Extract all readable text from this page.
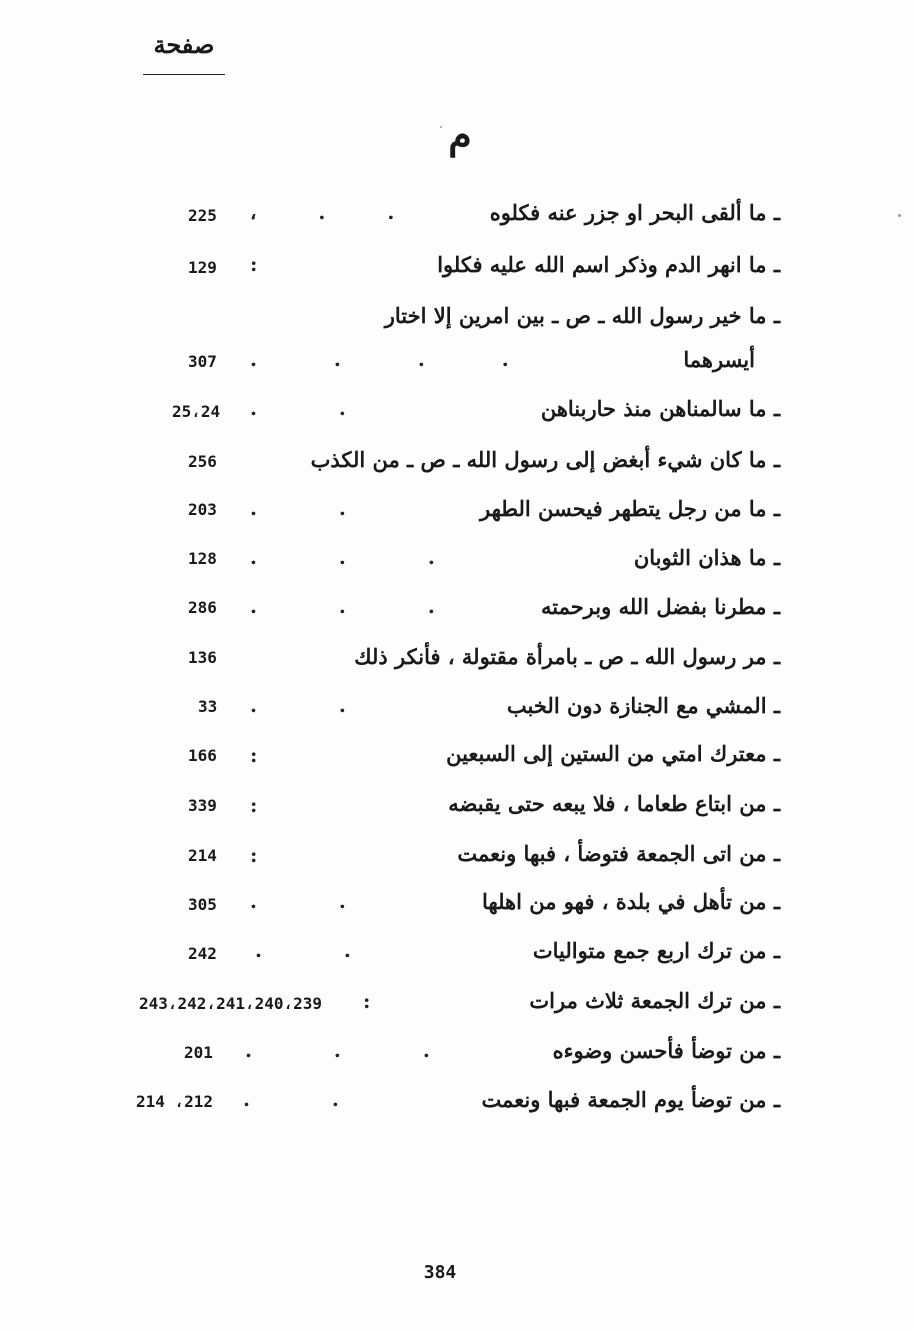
صفحة
م
ـ ما ألقى البحر او جزر عنه فكلوه
، . .
225
ـ ما انهر الدم وذكر اسم الله عليه فكلوا
:
129
ـ ما خير رسول الله ـ ص ـ بين امرين إلا اختار
أيسرهما
. . . .
307
ـ ما سالمناهن منذ حاربناهن
. .
25،24
ـ ما كان شيء أبغض إلى رسول الله ـ ص ـ من الكذب
256
ـ ما من رجل يتطهر فيحسن الطهر
. .
203
ـ ما هذان الثوبان
. . .
128
ـ مطرنا بفضل الله وبرحمته
. . .
286
ـ مر رسول الله ـ ص ـ بامرأة مقتولة ، فأنكر ذلك
136
ـ المشي مع الجنازة دون الخبب
. .
33
ـ معترك امتي من الستين إلى السبعين
:
166
ـ من ابتاع طعاما ، فلا يبعه حتى يقبضه
:
339
ـ من اتى الجمعة فتوضأ ، فبها ونعمت
:
214
ـ من تأهل في بلدة ، فهو من اهلها
. .
305
ـ من ترك اربع جمع متواليات
. .
242
ـ من ترك الجمعة ثلاث مرات
:
243،242،241،240،239
ـ من توضأ فأحسن وضوءه
. . .
201
ـ من توضأ يوم الجمعة فبها ونعمت
. .
214 ،212
384
